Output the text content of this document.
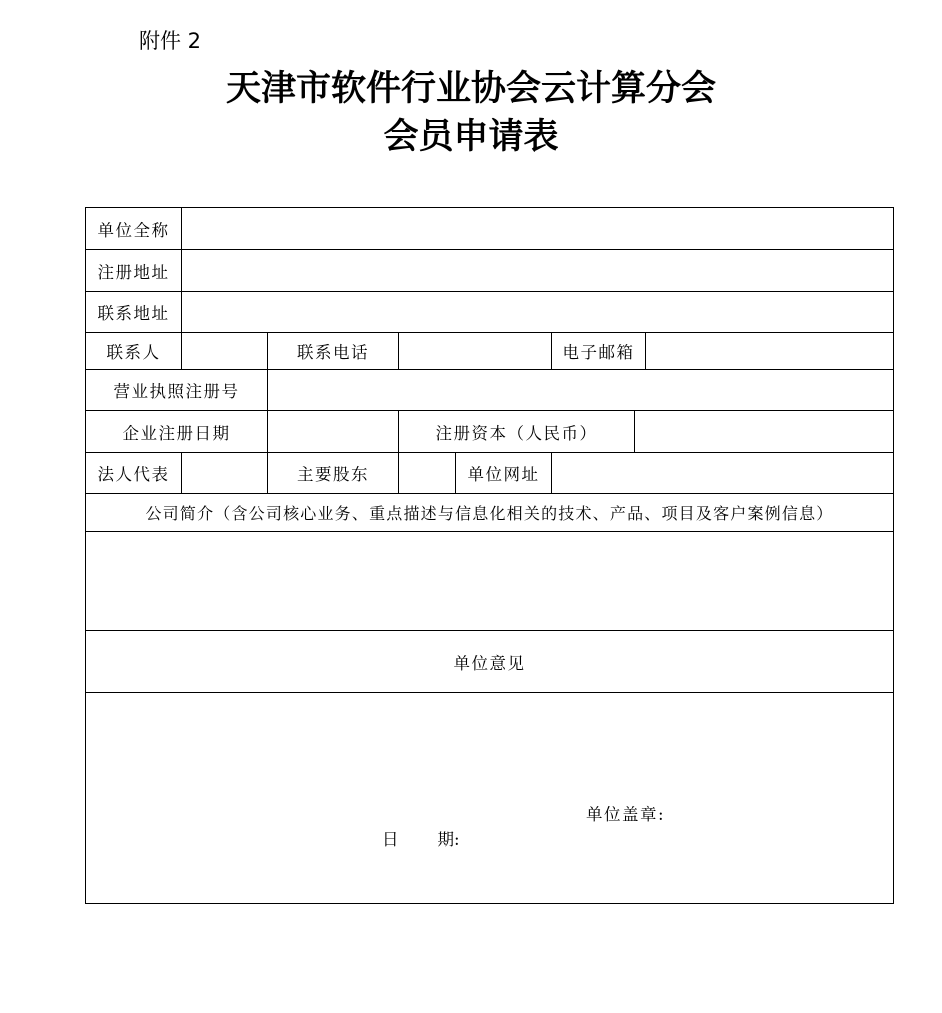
附件 2
天津市软件行业协会云计算分会
会员申请表
单位全称
注册地址
联系地址
联系人	联系电话	电子邮箱
营业执照注册号
企业注册日期	注册资本（人民币）
法人代表	主要股东	单位网址
公司简介（含公司核心业务、重点描述与信息化相关的技术、产品、项目及客户案例信息）
单位意见
单位盖章:
日 期:
